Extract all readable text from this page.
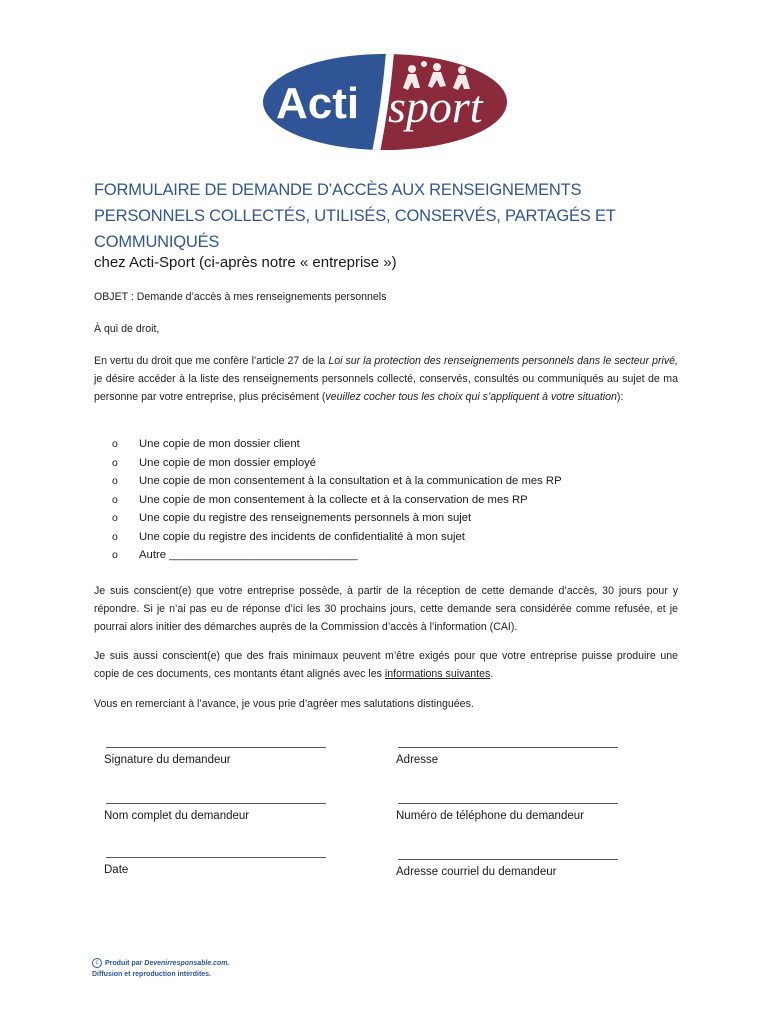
Acti sport
FORMULAIRE DE DEMANDE D’ACCÈS AUX RENSEIGNEMENTS
PERSONNELS COLLECTÉS, UTILISÉS, CONSERVÉS, PARTAGÉS ET
COMMUNIQUÉS
chez Acti-Sport (ci-après notre « entreprise »)
OBJET : Demande d’accès à mes renseignements personnels
À qui de droit,
En vertu du droit que me confère l’article 27 de la Loi sur la protection des renseignements personnels dans le secteur privé, je désire accéder à la liste des renseignements personnels collecté, conservés, consultés ou communiqués au sujet de ma personne par votre entreprise, plus précisément (veuillez cocher tous les choix qui s’appliquent à votre situation):
o Une copie de mon dossier client
o Une copie de mon dossier employé
o Une copie de mon consentement à la consultation et à la communication de mes RP
o Une copie de mon consentement à la collecte et à la conservation de mes RP
o Une copie du registre des renseignements personnels à mon sujet
o Une copie du registre des incidents de confidentialité à mon sujet
o Autre ______________________________
Je suis conscient(e) que votre entreprise possède, à partir de la réception de cette demande d’accès, 30 jours pour y répondre. Si je n’ai pas eu de réponse d’ici les 30 prochains jours, cette demande sera considérée comme refusée, et je pourrai alors initier des démarches auprès de la Commission d’accès à l’information (CAI).
Je suis aussi conscient(e) que des frais minimaux peuvent m’être exigés pour que votre entreprise puisse produire une copie de ces documents, ces montants étant alignés avec les informations suivantes.
Vous en remerciant à l’avance, je vous prie d’agréer mes salutations distinguées.
Signature du demandeur	Adresse
Nom complet du demandeur	Numéro de téléphone du demandeur
Date	Adresse courriel du demandeur
c Produit par Devenirresponsable.com.
Diffusion et reproduction interdites.
